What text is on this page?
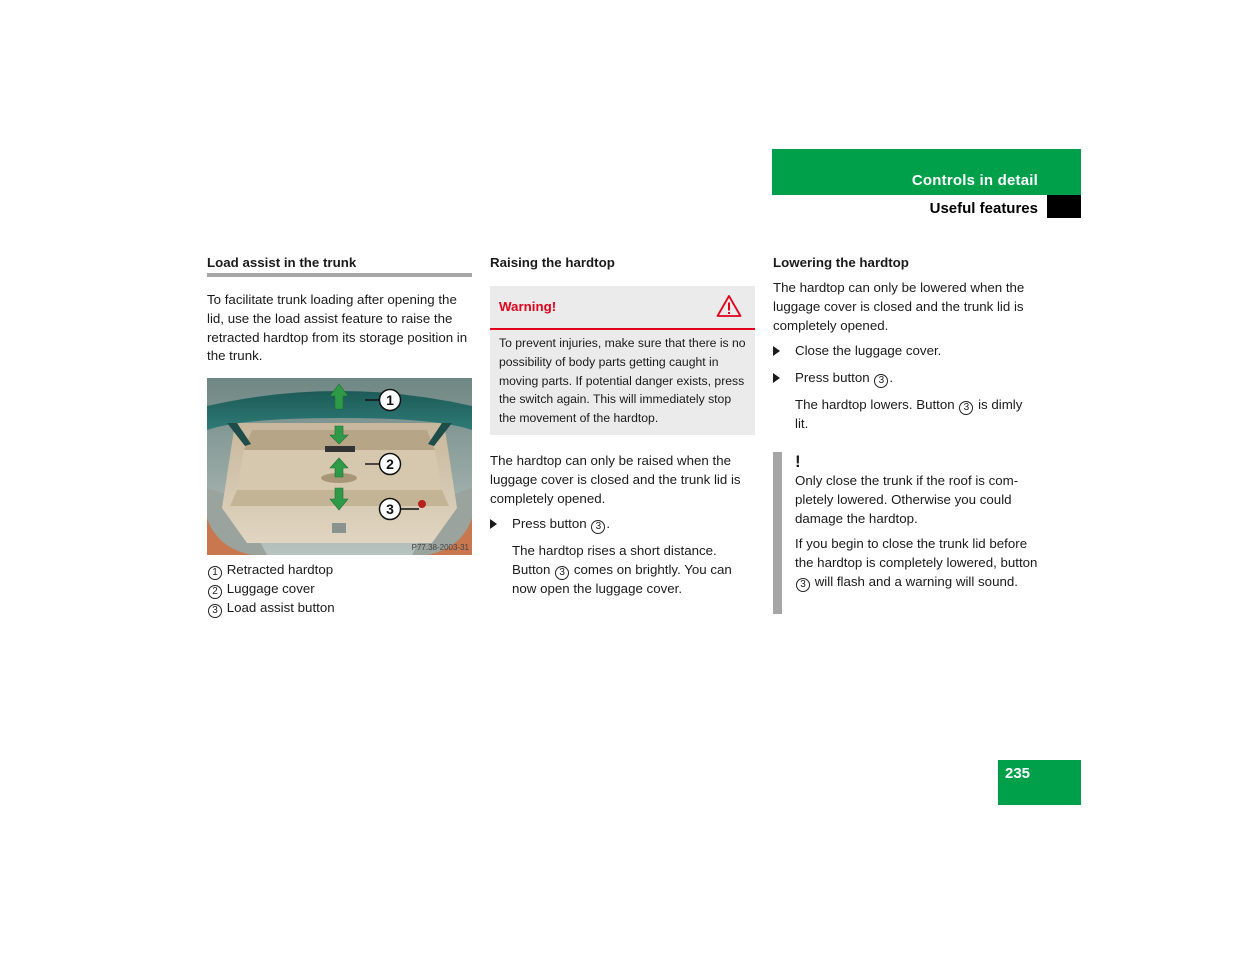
Controls in detail
Useful features
Load assist in the trunk

To facilitate trunk loading after opening the lid, use the load assist feature to raise the retracted hardtop from its storage position in the trunk.

1
2
3
P77.38-2003-31
1 Retracted hardtop
2 Luggage cover
3 Load assist button
Raising the hardtop
Warning!
To prevent injuries, make sure that there is no possibility of body parts getting caught in moving parts. If potential danger exists, press the switch again. This will immediately stop the movement of the hardtop.

The hardtop can only be raised when the luggage cover is closed and the trunk lid is completely opened.

Press button 3 .
The hardtop rises a short distance. Button 3 comes on brightly. You can now open the luggage cover.
Lowering the hardtop

The hardtop can only be lowered when the luggage cover is closed and the trunk lid is completely opened.

Close the luggage cover.
Press button 3 .
The hardtop lowers. Button 3 is dimly lit.
!

Only close the trunk if the roof is com-pletely lowered. Otherwise you could damage the hardtop.

If you begin to close the trunk lid before the hardtop is completely lowered, button 3 will flash and a warning will sound.

235
